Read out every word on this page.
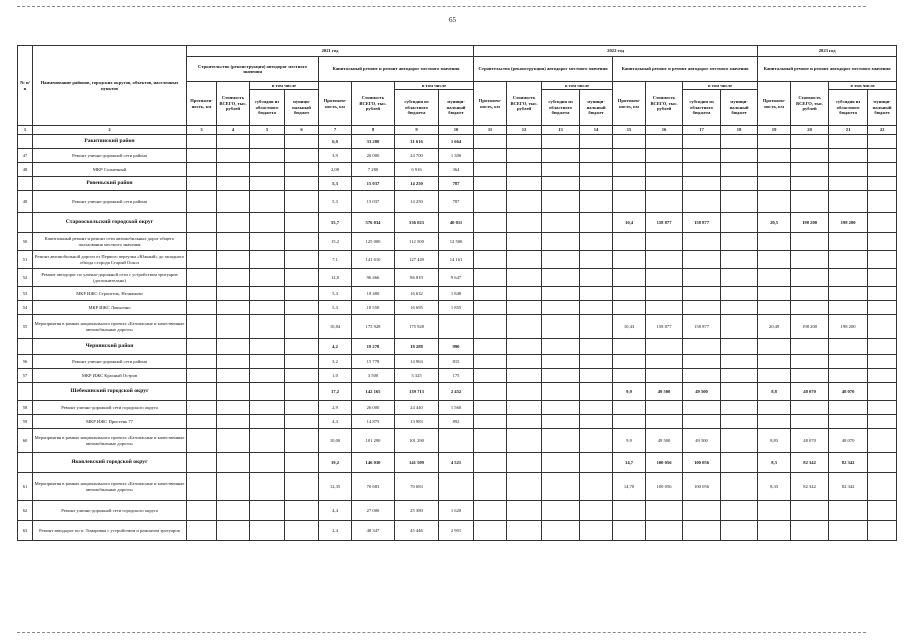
65
№ п/п	Наименование районов, городских округов, объектов, населенных пунктов	2021 год								2022 год								2023 год			
		Строительство (реконструкция) автодорог местного значения				Капитальный ремонт и ремонт автодорог местного значения				Строительство (реконструкция) автодорог местного значения				Капитальный ремонт и ремонт автодорог местного значения				Капитальный ремонт и ремонт автодорог местного значения			
		Протяжен-ность, км	Стоимость ВСЕГО, тыс. рублей	в том числе		Протяжен-ность, км	Стоимость ВСЕГО, тыс. рублей	в том числе		Протяжен-ность, км	Стоимость ВСЕГО, тыс. рублей	в том числе		Протяжен-ность, км	Стоимость ВСЕГО, тыс. рублей	в том числе		Протяжен-ность, км	Стоимость ВСЕГО, тыс. рублей	в том числе	
				субсидия из областного бюджета	муници-пальный бюджет			субсидия из областного бюджета	муници-пальный бюджет			субсидия из областного бюджета	муници-пальный бюджет			субсидия из областного бюджета	муници-пальный бюджет			субсидия из областного бюджета	муници-пальный бюджет
1	2	3	4	5	6	7	8	9	10	11	12	13	14	15	16	17	18	19	20	21	22
	Ракитянский район					6,0	33 280	31 616	1 664												
47	Ремонт улично-дорожной сети района					3,9	26 000	24 700	1 300												
48	МКР Солнечный					2,08	7 280	6 916	364												
	Ровеньский район					5,3	15 037	14 250	787												
49	Ремонт улично-дорожной сети района					5,3	15 037	14 250	787												
	Старооскольский городской округ					55,7	576 034	536 023	40 011					10,4	158 877	158 877		20,5	198 200	198 200	
50	Капитальный ремонт и ремонт сети автомобильных дорог общего пользования местного значения					15,2	125 000	112 500	12 500												
51	Ремонт автомобильной дороги от Первого переулка «Южный» до западного обхода г.города Старый Оскол					7,1	141 610	127 449	14 161												
52	Ремонт автодорог по улично-дорожной сети с устройством тротуаров (дополнительно)					12,0	96 466	86 819	9 647												
53	МКР ИЖС Строитель, Незнамово					5,3	18 480	16 632	1 848												
54	МКР ИЖС Лапыгино					5,3	18 550	16 695	1 855												
55	Мероприятия в рамках национального проекта «Безопасные и качественные автомобильные дороги»					10,84	175 928	175 928						10,43	158 877	158 877		20,49	198 200	198 200	
	Чернянский район					4,2	19 278	18 288	990												
56	Ремонт улично-дорожной сети района					3,2	15 778	14 963	815												
57	МКР ИЖС Красный Остров					1,0	3 500	3 325	175												
	Шебекинский городской округ					17,2	142 165	139 713	2 452					9,9	49 500	49 500		8,8	48 070	48 070	
58	Ремонт улично-дорожной сети городского округа					2,9	26 000	24 440	1 560												
59	МКР ИЖС Пристень 77					4,3	14 875	13 983	892												
60	Мероприятия в рамках национального проекта «Безопасные и качественные автомобильные дороги»					10,00	101 290	101 290						9,9	49 500	49 500		8,83	48 070	48 070	
	Яковлевский городской округ					19,2	146 030	141 509	4 521					14,7	100 056	100 056		8,3	82 342	82 342	
61	Мероприятия в рамках национального проекта «Безопасные и качественные автомобильные дороги»					12,35	70 683	70 683						14,70	100 056	100 056		8,33	82 342	82 342	
62	Ремонт улично-дорожной сети городского округа					4,4	27 000	25 380	1 620												
63	Ремонт автодорог по п. Томаровка с устройством и ремонтом тротуаров					2,4	48 347	45 446	2 901												
